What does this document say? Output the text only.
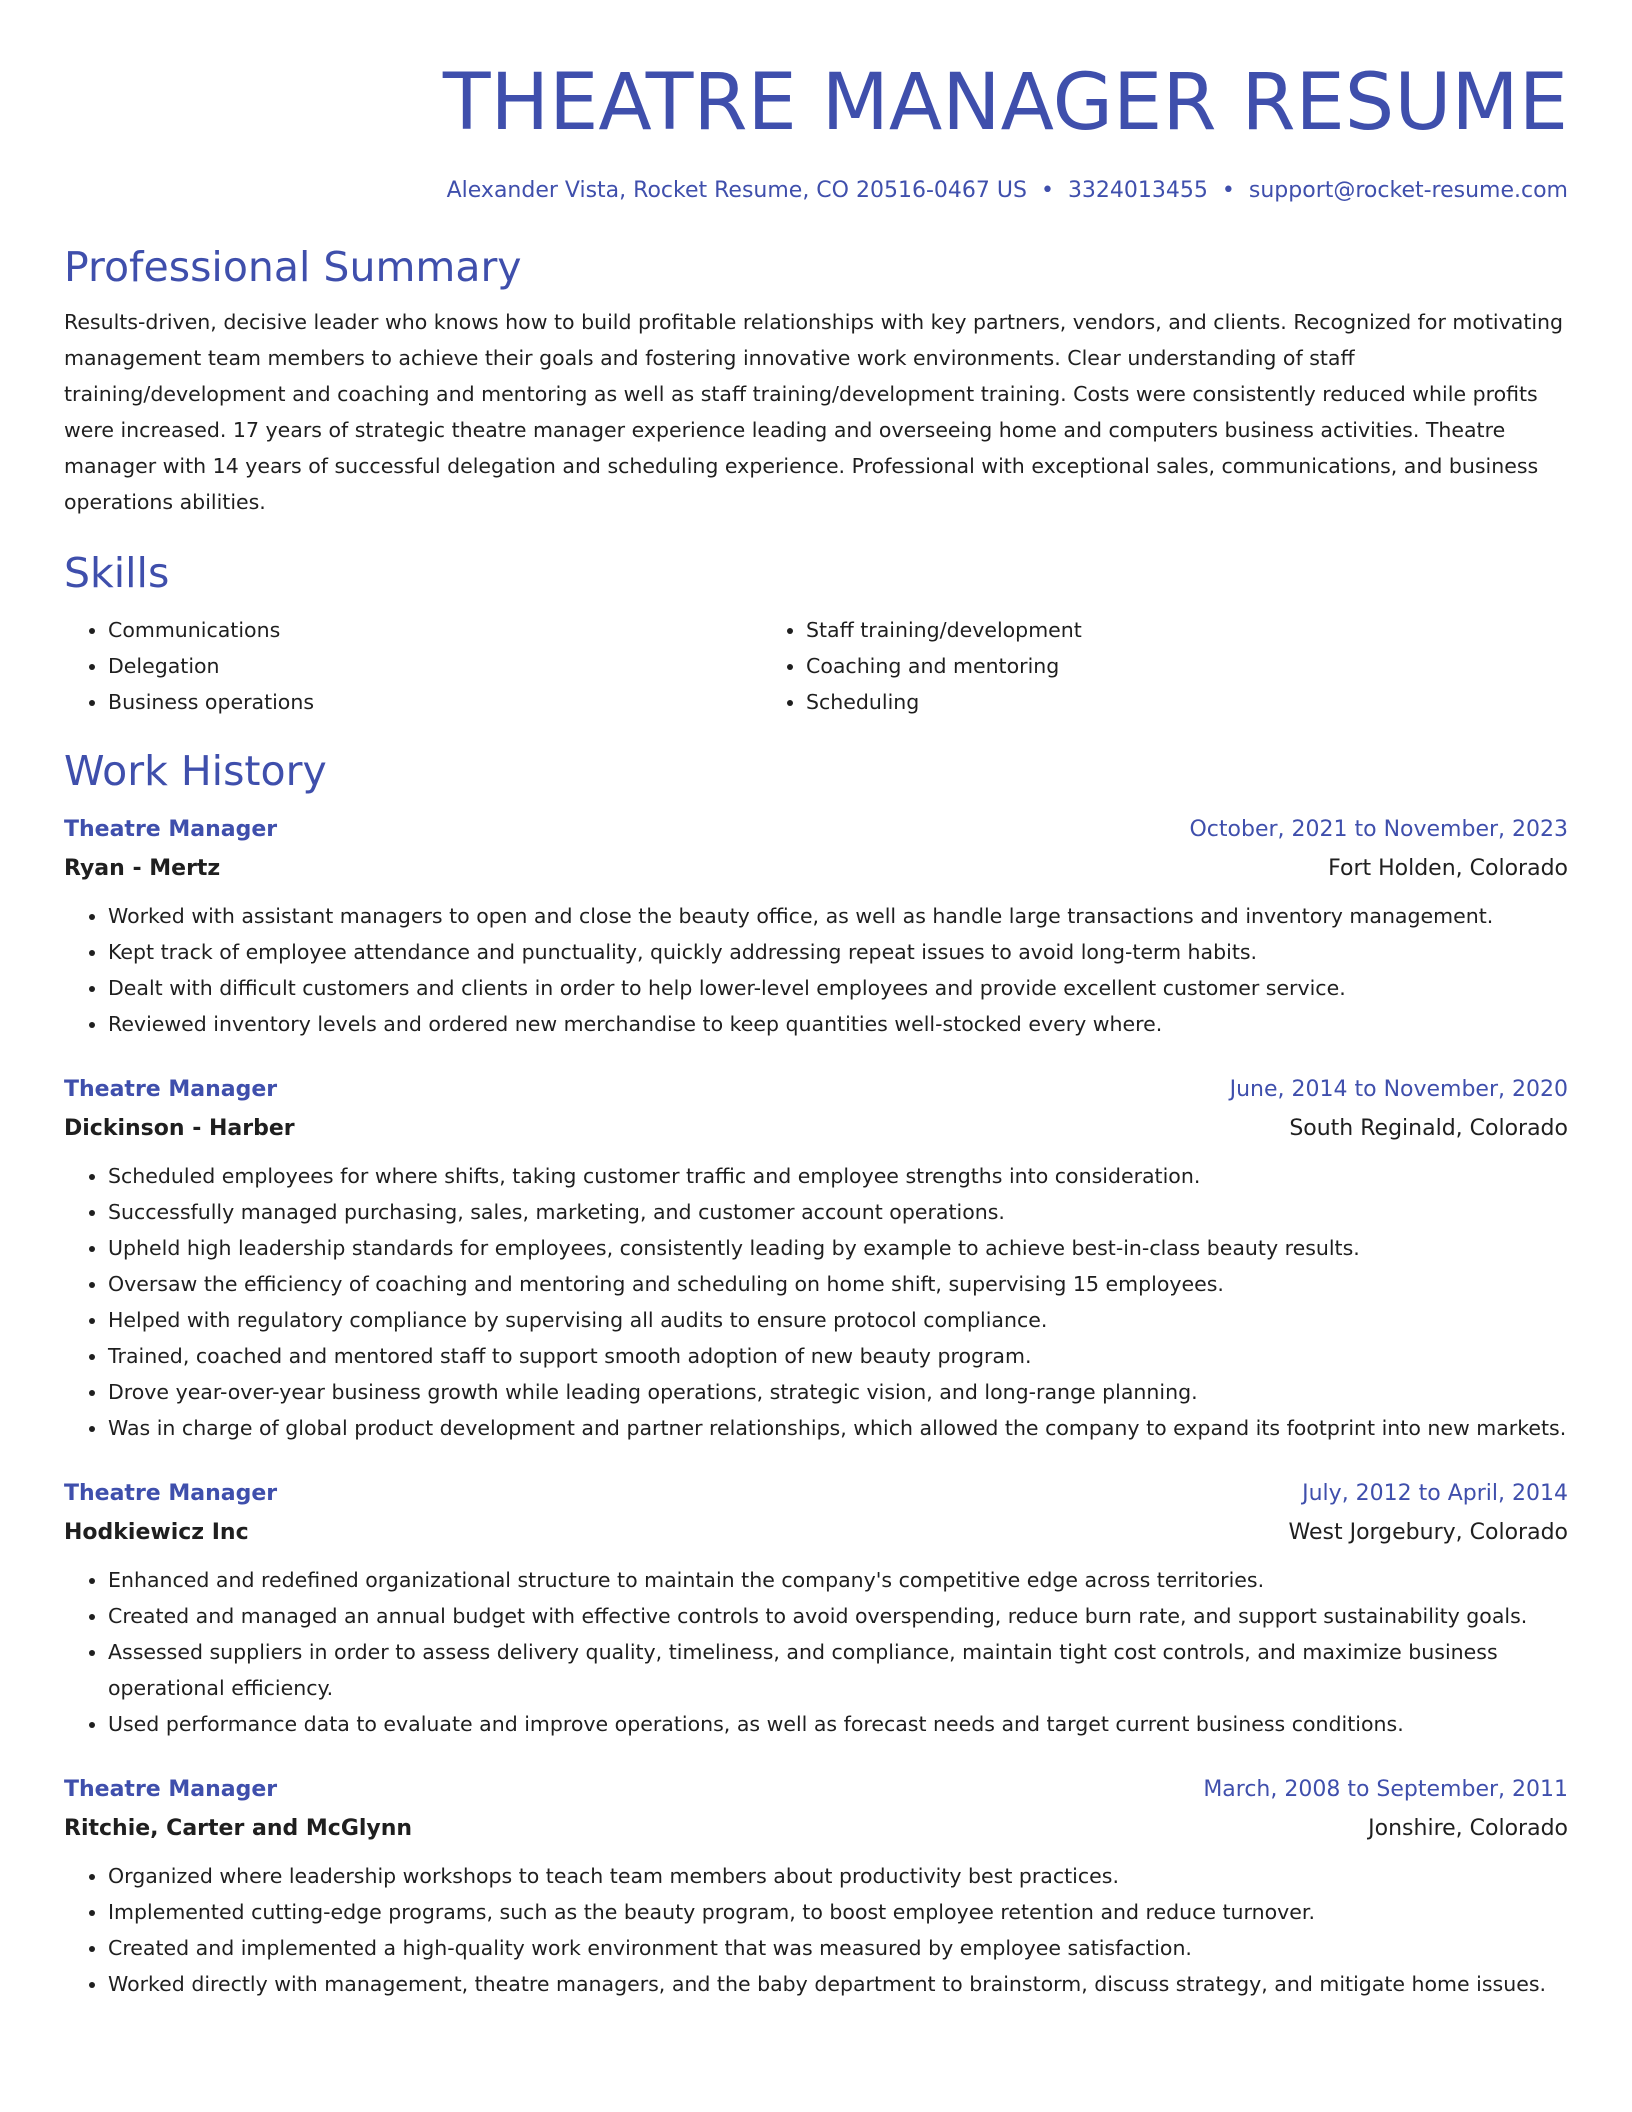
THEATRE MANAGER RESUME
Alexander Vista, Rocket Resume, CO 20516-0467 US • 3324013455 • support@rocket-resume.com
Professional Summary
Results-driven, decisive leader who knows how to build profitable relationships with key partners, vendors, and clients. Recognized for motivating management team members to achieve their goals and fostering innovative work environments. Clear understanding of staff training/development and coaching and mentoring as well as staff training/development training. Costs were consistently reduced while profits were increased. 17 years of strategic theatre manager experience leading and overseeing home and computers business activities. Theatre manager with 14 years of successful delegation and scheduling experience. Professional with exceptional sales, communications, and business operations abilities.
Skills
• Communications
• Delegation
• Business operations
• Staff training/development
• Coaching and mentoring
• Scheduling
Work History
Theatre Manager	October, 2021 to November, 2023
Ryan - Mertz	Fort Holden, Colorado
• Worked with assistant managers to open and close the beauty office, as well as handle large transactions and inventory management.
• Kept track of employee attendance and punctuality, quickly addressing repeat issues to avoid long-term habits.
• Dealt with difficult customers and clients in order to help lower-level employees and provide excellent customer service.
• Reviewed inventory levels and ordered new merchandise to keep quantities well-stocked every where.
Theatre Manager	June, 2014 to November, 2020
Dickinson - Harber	South Reginald, Colorado
• Scheduled employees for where shifts, taking customer traffic and employee strengths into consideration.
• Successfully managed purchasing, sales, marketing, and customer account operations.
• Upheld high leadership standards for employees, consistently leading by example to achieve best-in-class beauty results.
• Oversaw the efficiency of coaching and mentoring and scheduling on home shift, supervising 15 employees.
• Helped with regulatory compliance by supervising all audits to ensure protocol compliance.
• Trained, coached and mentored staff to support smooth adoption of new beauty program.
• Drove year-over-year business growth while leading operations, strategic vision, and long-range planning.
• Was in charge of global product development and partner relationships, which allowed the company to expand its footprint into new markets.
Theatre Manager	July, 2012 to April, 2014
Hodkiewicz Inc	West Jorgebury, Colorado
• Enhanced and redefined organizational structure to maintain the company's competitive edge across territories.
• Created and managed an annual budget with effective controls to avoid overspending, reduce burn rate, and support sustainability goals.
• Assessed suppliers in order to assess delivery quality, timeliness, and compliance, maintain tight cost controls, and maximize business operational efficiency.
• Used performance data to evaluate and improve operations, as well as forecast needs and target current business conditions.
Theatre Manager	March, 2008 to September, 2011
Ritchie, Carter and McGlynn	Jonshire, Colorado
• Organized where leadership workshops to teach team members about productivity best practices.
• Implemented cutting-edge programs, such as the beauty program, to boost employee retention and reduce turnover.
• Created and implemented a high-quality work environment that was measured by employee satisfaction.
• Worked directly with management, theatre managers, and the baby department to brainstorm, discuss strategy, and mitigate home issues.
